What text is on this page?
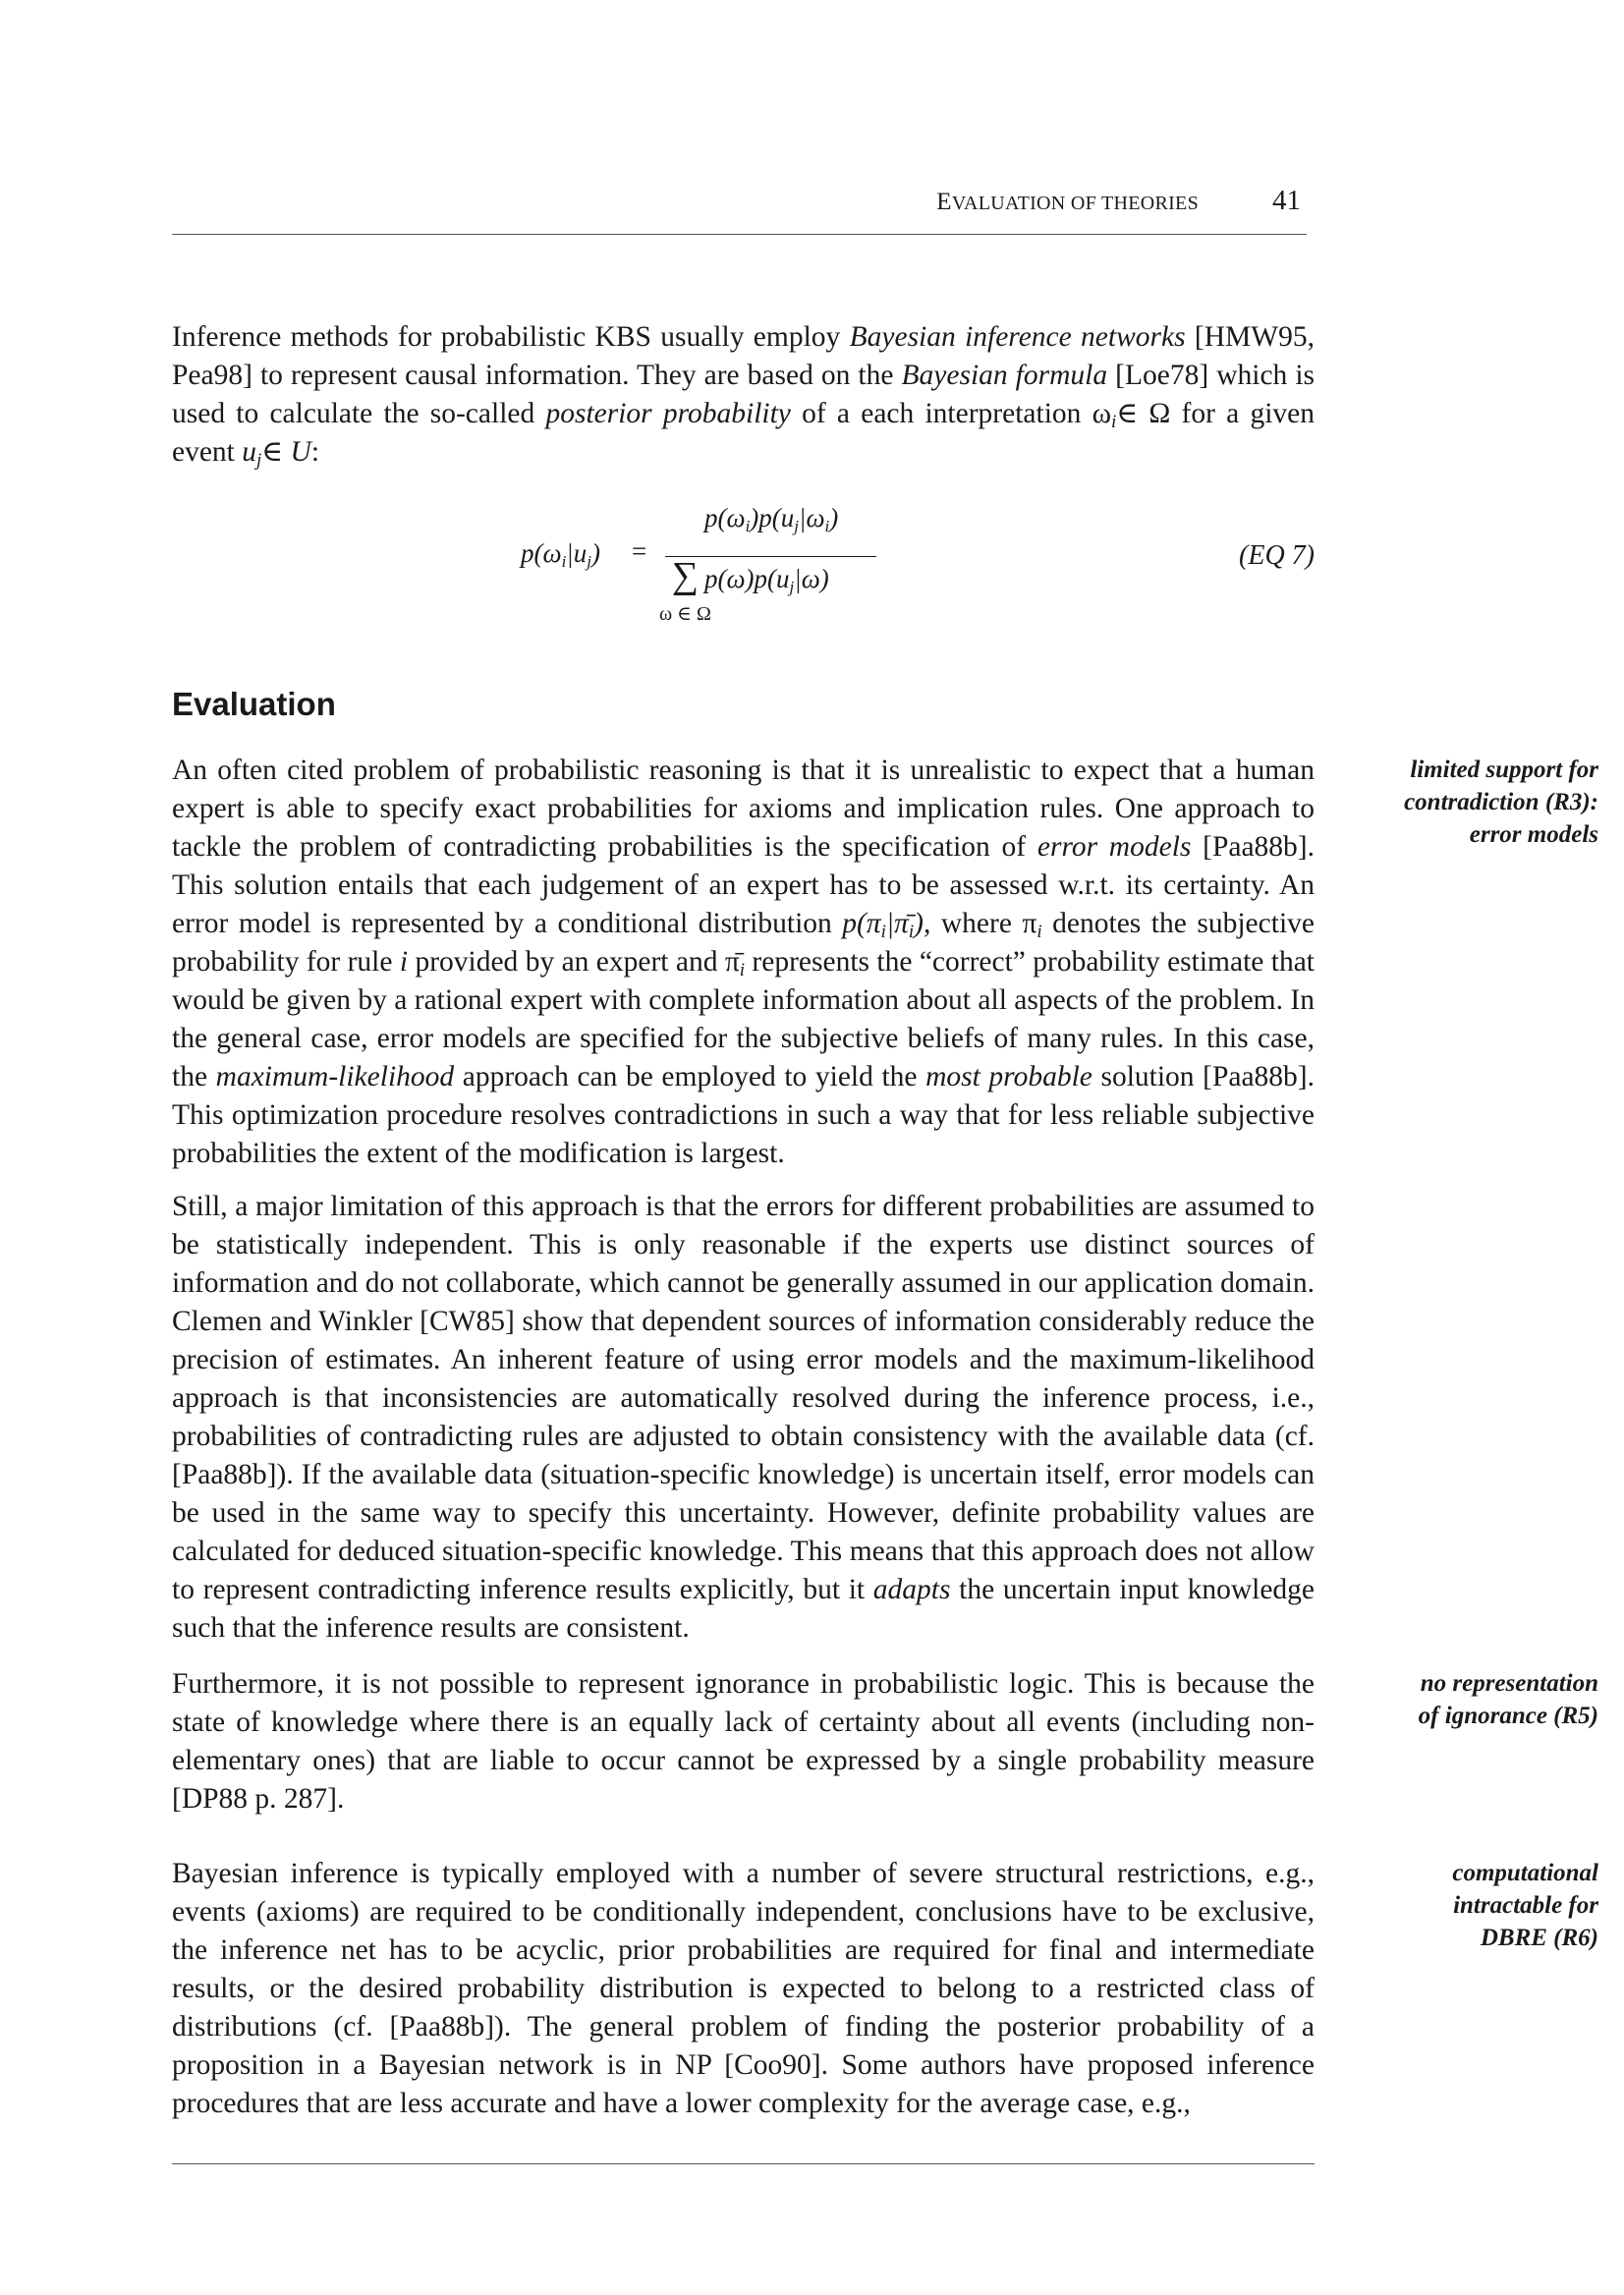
EVALUATION OF THEORIES	41

Inference methods for probabilistic KBS usually employ Bayesian inference networks [HMW95, Pea98] to represent causal information. They are based on the Bayesian formula [Loe78] which is used to calculate the so-called posterior probability of a each interpretation $\omega_i\in$ Ω for a given event $u_j\in$ U:

$p(\omega_i|u_j)$ =
$p(\omega_i)p(u_j|\omega_i)$
∑ $p(\omega)p(u_j|\omega)$
ω ∈ Ω
(EQ 7)
Evaluation

An often cited problem of probabilistic reasoning is that it is unrealistic to expect that a human expert is able to specify exact probabilities for axioms and implication rules. One approach to tackle the problem of contradicting probabilities is the specification of error models [Paa88b]. This solution entails that each judgement of an expert has to be assessed w.r.t. its certainty. An error model is represented by a conditional distribution $p(\pi_i|\pī_i)$, where $\pi_i$ denotes the subjective probability for rule i provided by an expert and $\pī_i$ represents the “correct” probability estimate that would be given by a rational expert with complete information about all aspects of the problem. In the general case, error models are specified for the subjective beliefs of many rules. In this case, the maximum-likelihood approach can be employed to yield the most probable solution [Paa88b]. This optimization procedure resolves contradictions in such a way that for less reliable subjective probabilities the extent of the modification is largest.

Still, a major limitation of this approach is that the errors for different probabilities are assumed to be statistically independent. This is only reasonable if the experts use distinct sources of information and do not collaborate, which cannot be generally assumed in our application domain. Clemen and Winkler [CW85] show that dependent sources of information considerably reduce the precision of estimates. An inherent feature of using error models and the maximum-likelihood approach is that inconsistencies are automatically resolved during the inference process, i.e., probabilities of contradicting rules are adjusted to obtain consistency with the available data (cf. [Paa88b]). If the available data (situation-specific knowledge) is uncertain itself, error models can be used in the same way to specify this uncertainty. However, definite probability values are calculated for deduced situation-specific knowledge. This means that this approach does not allow to represent contradicting inference results explicitly, but it adapts the uncertain input knowledge such that the inference results are consistent.

Furthermore, it is not possible to represent ignorance in probabilistic logic. This is because the state of knowledge where there is an equally lack of certainty about all events (including non-elementary ones) that are liable to occur cannot be expressed by a single probability measure [DP88 p. 287].

Bayesian inference is typically employed with a number of severe structural restrictions, e.g., events (axioms) are required to be conditionally independent, conclusions have to be exclusive, the inference net has to be acyclic, prior probabilities are required for final and intermediate results, or the desired probability distribution is expected to belong to a restricted class of distributions (cf. [Paa88b]). The general problem of finding the posterior probability of a proposition in a Bayesian network is in NP [Coo90]. Some authors have proposed inference procedures that are less accurate and have a lower complexity for the average case, e.g.,

limited support for
contradiction (R3):
error models
no representation
of ignorance (R5)
computational
intractable for
DBRE (R6)
